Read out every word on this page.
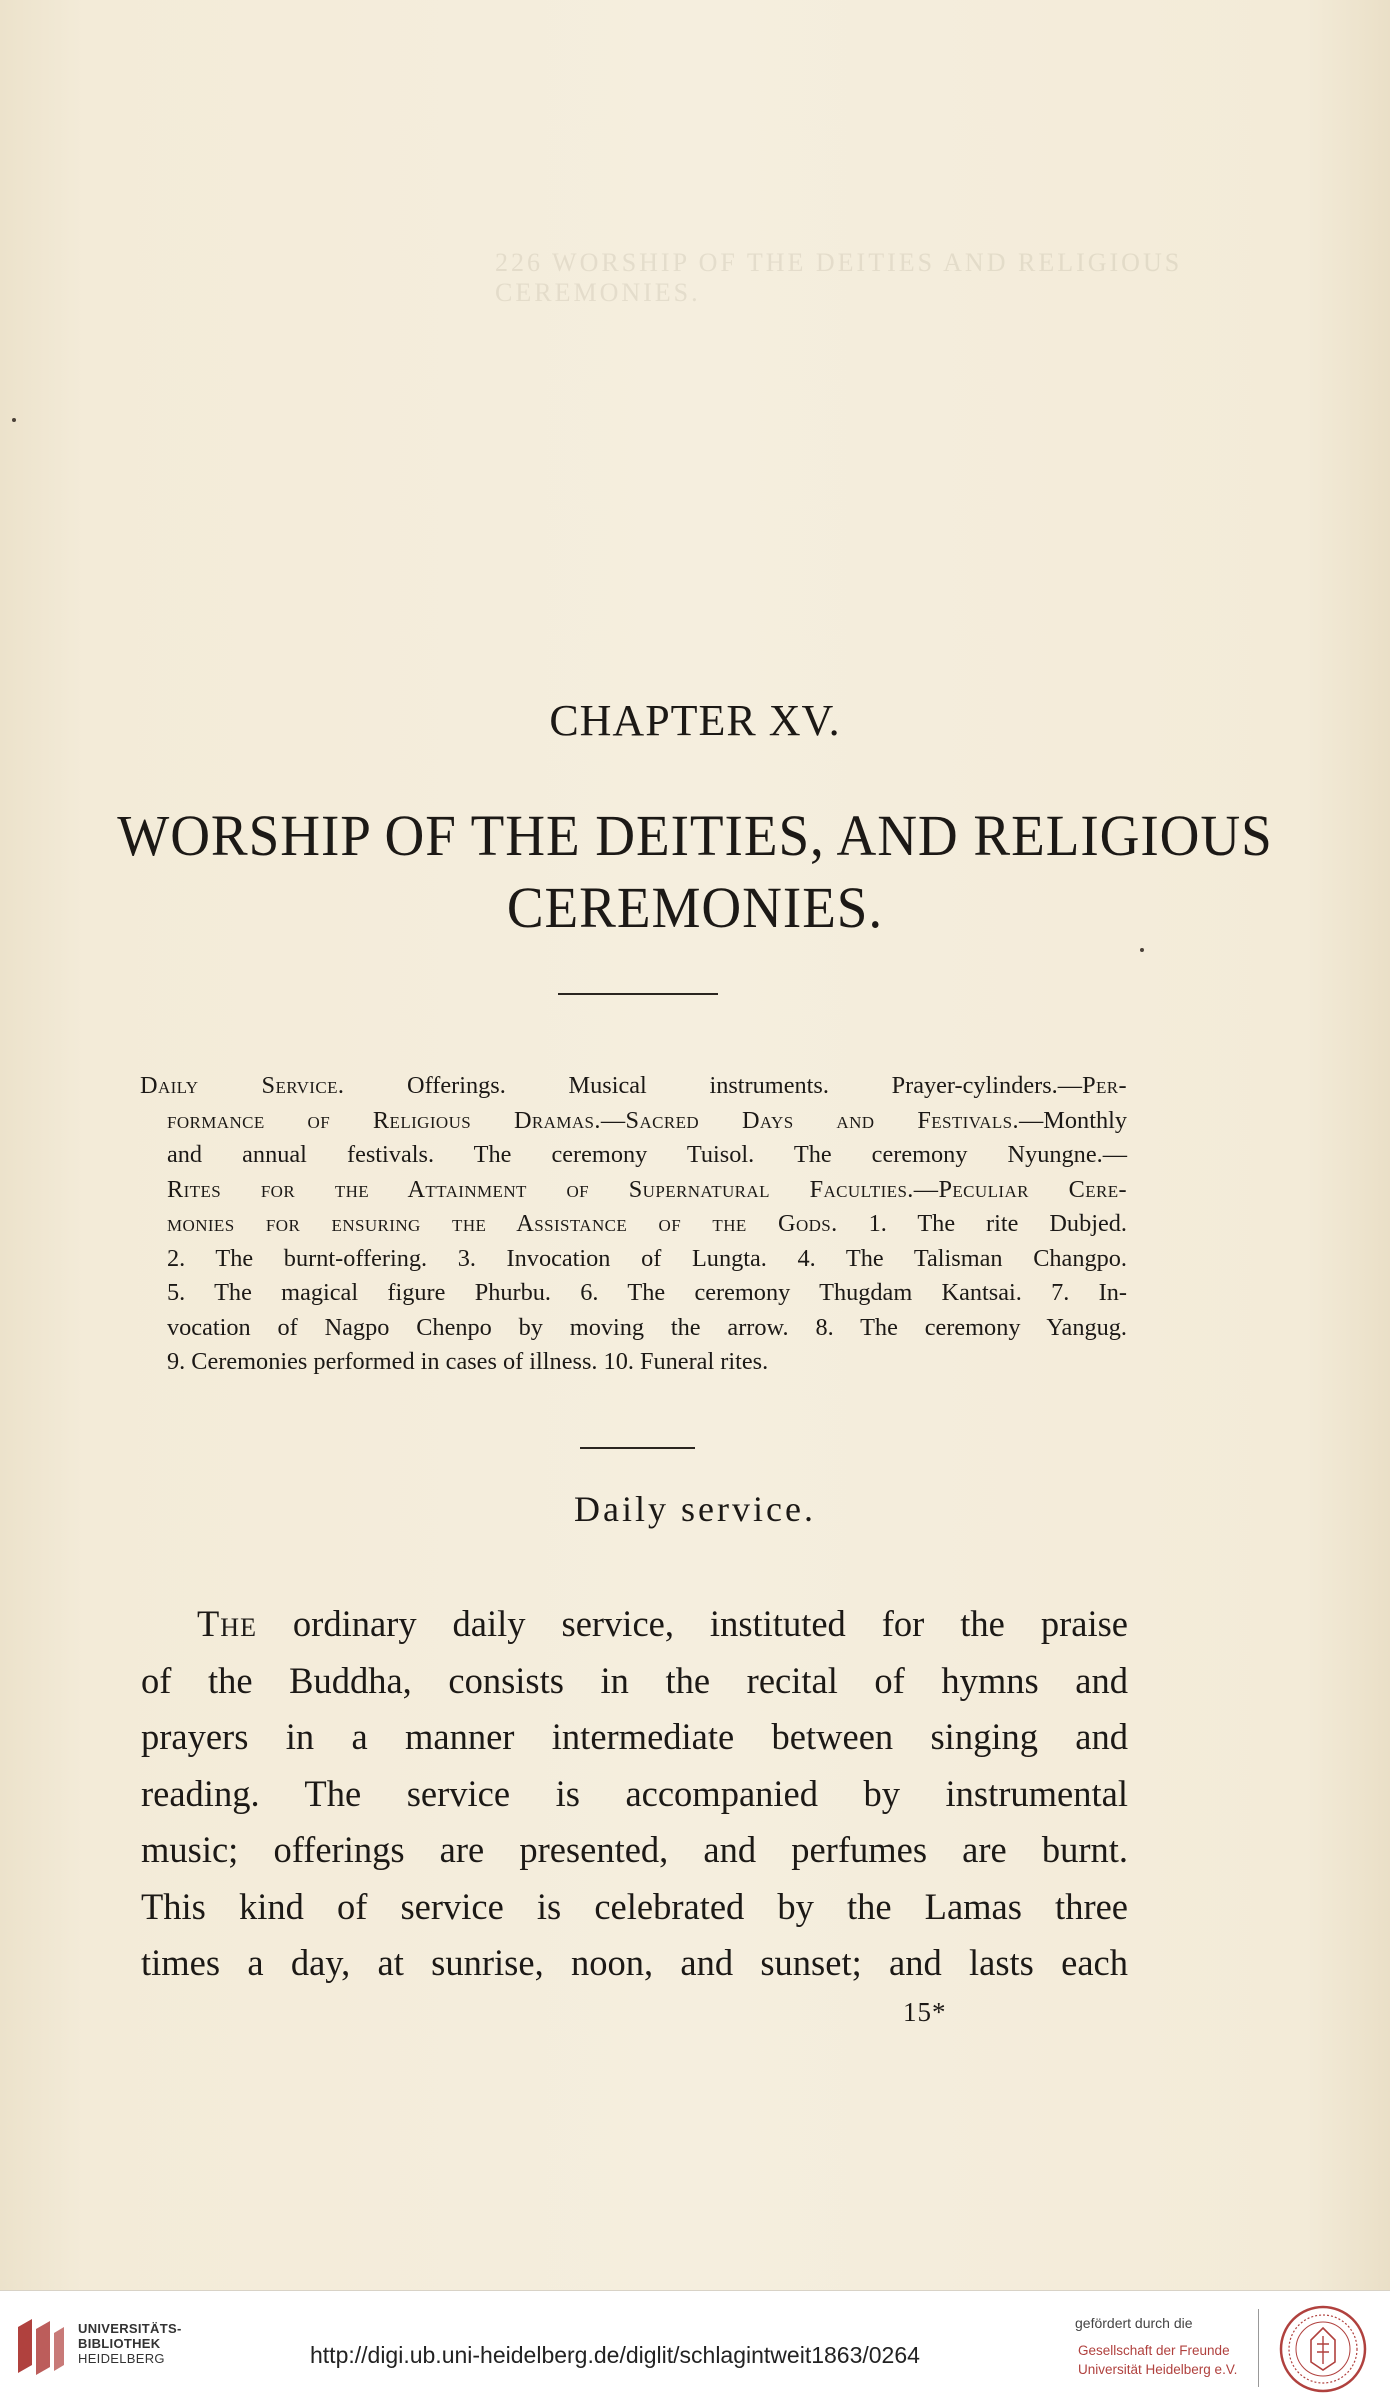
226 WORSHIP OF THE DEITIES AND RELIGIOUS CEREMONIES.
CHAPTER XV.
WORSHIP OF THE DEITIES, AND RELIGIOUS
CEREMONIES.
Daily Service. Offerings. Musical instruments. Prayer-cylinders.—Per-
formance of Religious Dramas.—Sacred Days and Festivals.—Monthly
and annual festivals. The ceremony Tuisol. The ceremony Nyungne.—
Rites for the Attainment of Supernatural Faculties.—Peculiar Cere-
monies for ensuring the Assistance of the Gods. 1. The rite Dubjed.
2. The burnt-offering. 3. Invocation of Lungta. 4. The Talisman Changpo.
5. The magical figure Phurbu. 6. The ceremony Thugdam Kantsai. 7. In-
vocation of Nagpo Chenpo by moving the arrow. 8. The ceremony Yangug.
9. Ceremonies performed in cases of illness. 10. Funeral rites.
Daily service.
The ordinary daily service, instituted for the praise
of the Buddha, consists in the recital of hymns and
prayers in a manner intermediate between singing and
reading. The service is accompanied by instrumental
music; offerings are presented, and perfumes are burnt.
This kind of service is celebrated by the Lamas three
times a day, at sunrise, noon, and sunset; and lasts each
15*
UNIVERSITÄTS-
BIBLIOTHEK
HEIDELBERG	http://digi.ub.uni-heidelberg.de/diglit/schlagintweit1863/0264
gefördert durch die
Gesellschaft der Freunde
Universität Heidelberg e.V.
